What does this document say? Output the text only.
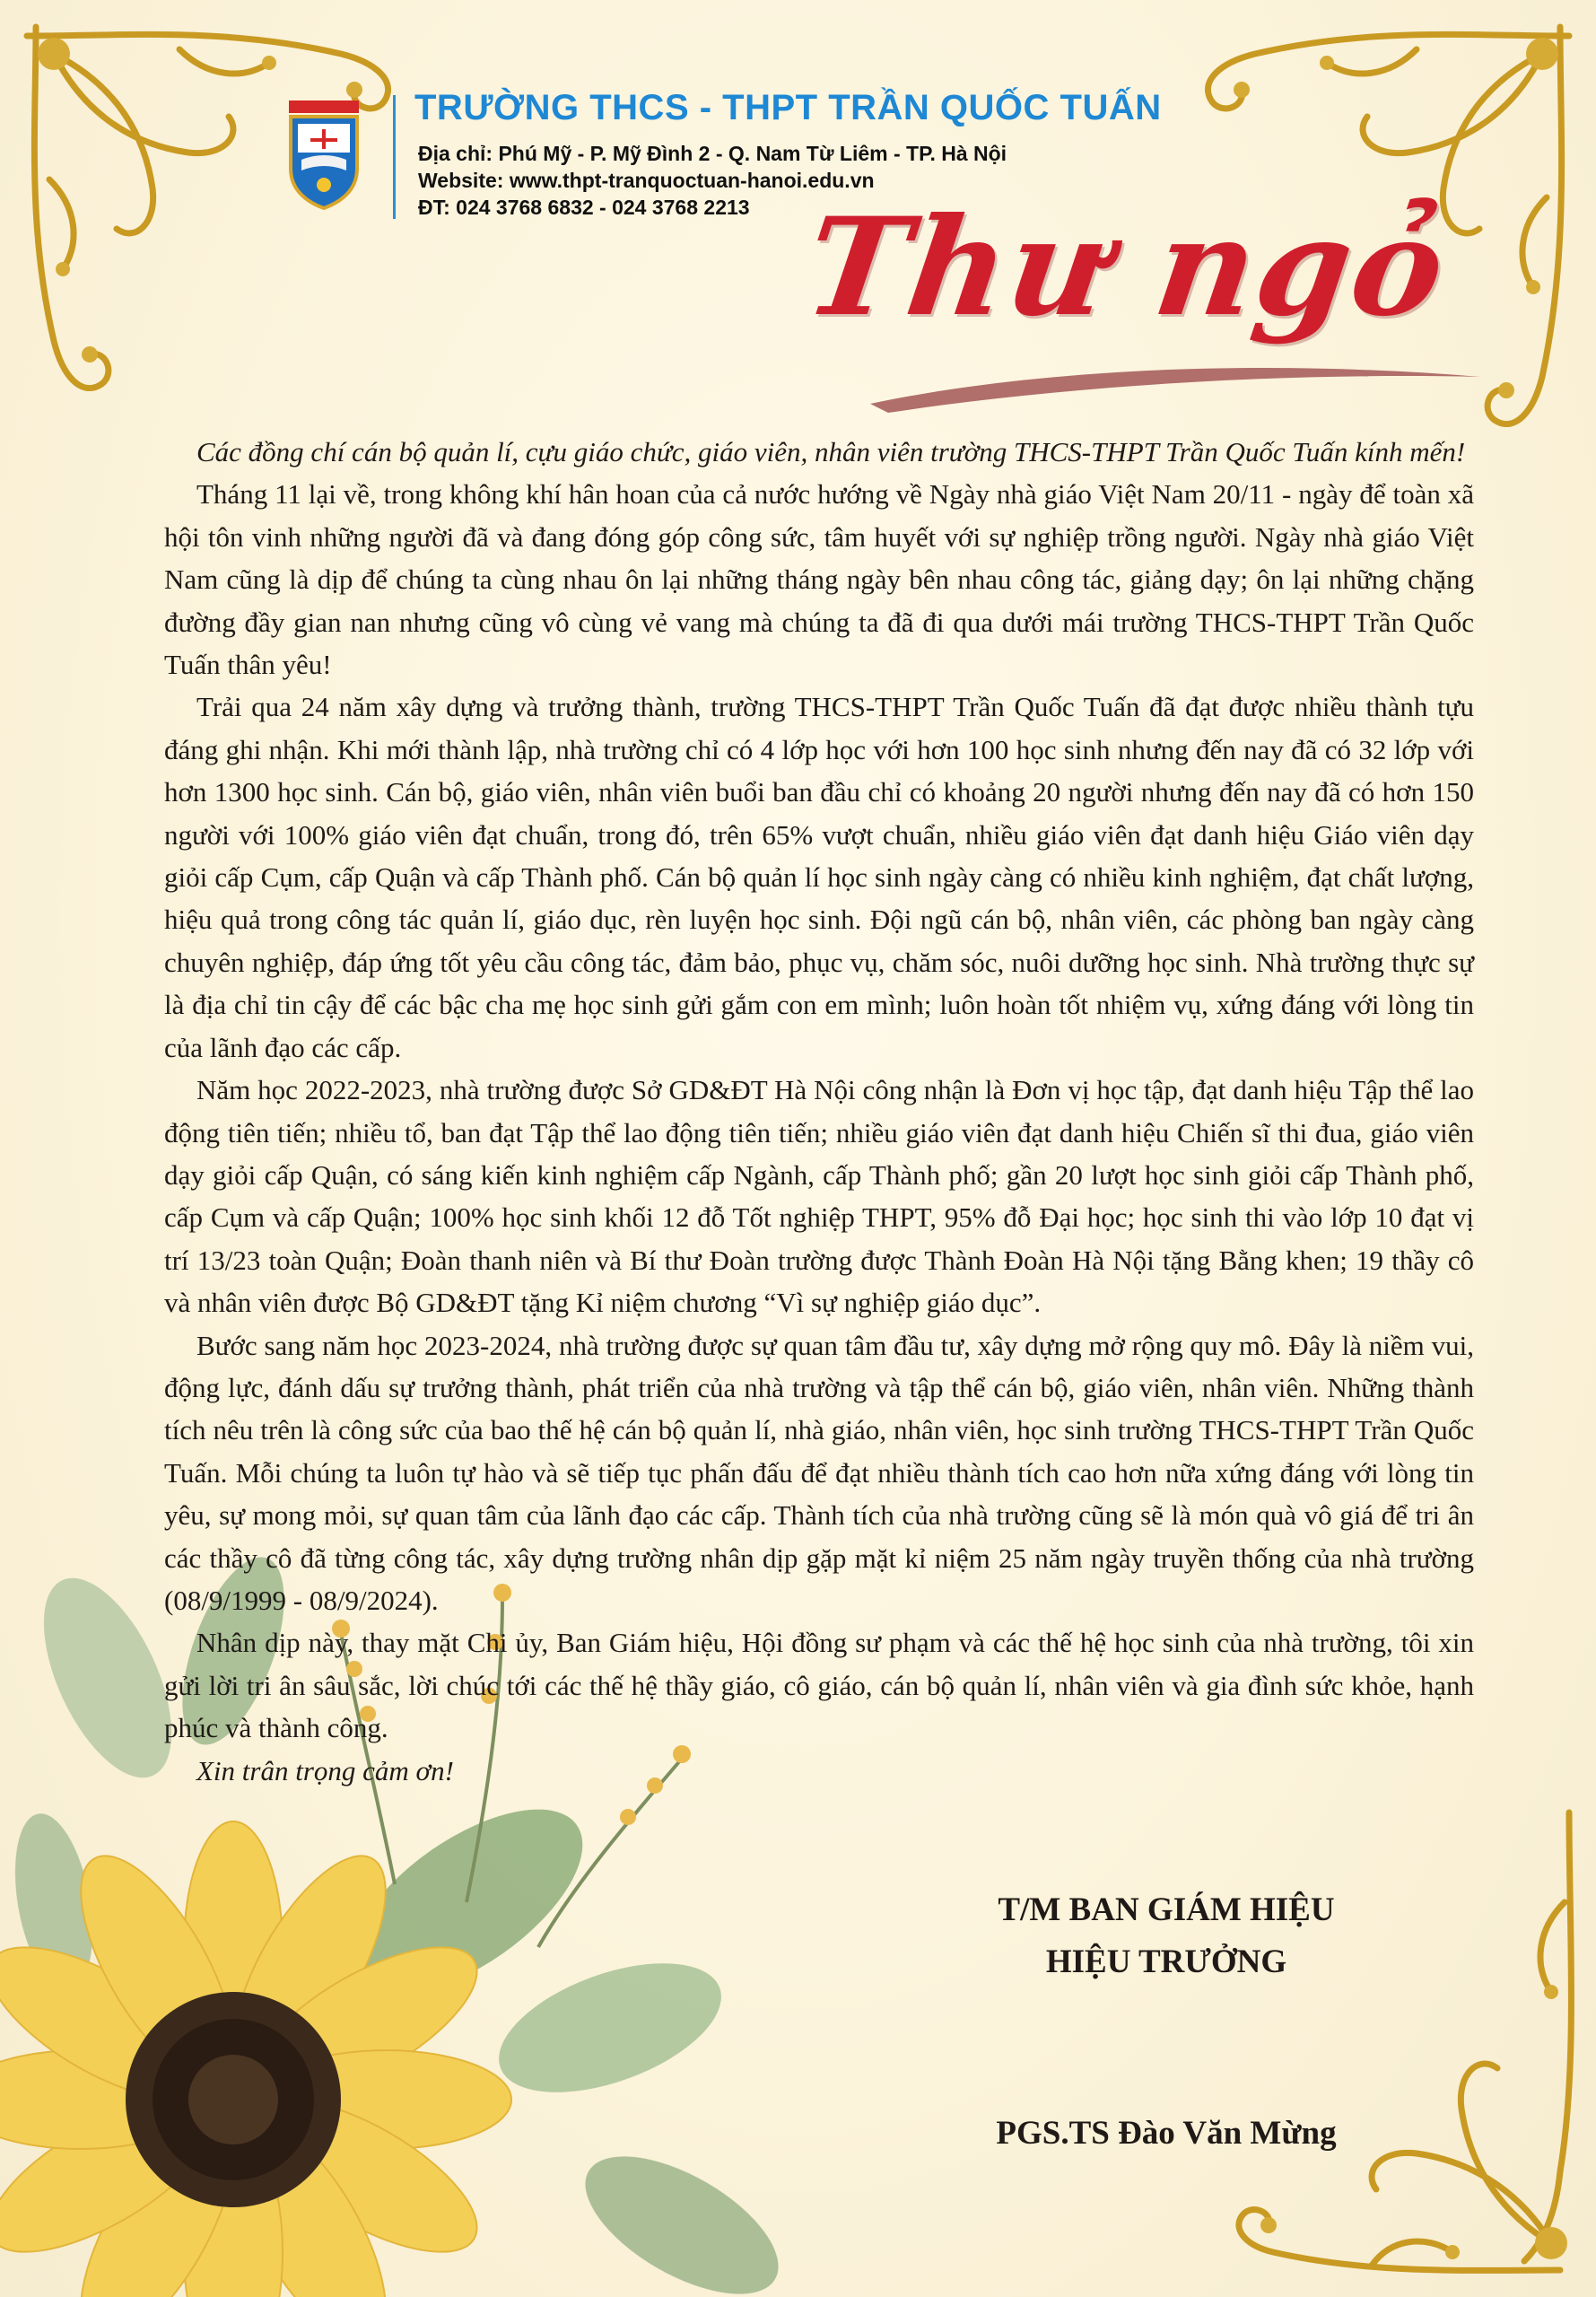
TRƯỜNG THCS - THPT TRẦN QUỐC TUẤN

Địa chỉ: Phú Mỹ - P. Mỹ Đình 2 - Q. Nam Từ Liêm - TP. Hà Nội

Website: www.thpt-tranquoctuan-hanoi.edu.vn

ĐT: 024 3768 6832 - 024 3768 2213 Thư ngỏ

Các đồng chí cán bộ quản lí, cựu giáo chức, giáo viên, nhân viên trường THCS-THPT Trần Quốc Tuấn kính mến!

Tháng 11 lại về, trong không khí hân hoan của cả nước hướng về Ngày nhà giáo Việt Nam 20/11 - ngày để toàn xã hội tôn vinh những người đã và đang đóng góp công sức, tâm huyết với sự nghiệp trồng người. Ngày nhà giáo Việt Nam cũng là dịp để chúng ta cùng nhau ôn lại những tháng ngày bên nhau công tác, giảng dạy; ôn lại những chặng đường đầy gian nan nhưng cũng vô cùng vẻ vang mà chúng ta đã đi qua dưới mái trường THCS-THPT Trần Quốc Tuấn thân yêu!

Trải qua 24 năm xây dựng và trưởng thành, trường THCS-THPT Trần Quốc Tuấn đã đạt được nhiều thành tựu đáng ghi nhận. Khi mới thành lập, nhà trường chỉ có 4 lớp học với hơn 100 học sinh nhưng đến nay đã có 32 lớp với hơn 1300 học sinh. Cán bộ, giáo viên, nhân viên buổi ban đầu chỉ có khoảng 20 người nhưng đến nay đã có hơn 150 người với 100% giáo viên đạt chuẩn, trong đó, trên 65% vượt chuẩn, nhiều giáo viên đạt danh hiệu Giáo viên dạy giỏi cấp Cụm, cấp Quận và cấp Thành phố. Cán bộ quản lí học sinh ngày càng có nhiều kinh nghiệm, đạt chất lượng, hiệu quả trong công tác quản lí, giáo dục, rèn luyện học sinh. Đội ngũ cán bộ, nhân viên, các phòng ban ngày càng chuyên nghiệp, đáp ứng tốt yêu cầu công tác, đảm bảo, phục vụ, chăm sóc, nuôi dưỡng học sinh. Nhà trường thực sự là địa chỉ tin cậy để các bậc cha mẹ học sinh gửi gắm con em mình; luôn hoàn tốt nhiệm vụ, xứng đáng với lòng tin của lãnh đạo các cấp.

Năm học 2022-2023, nhà trường được Sở GD&ĐT Hà Nội công nhận là Đơn vị học tập, đạt danh hiệu Tập thể lao động tiên tiến; nhiều tổ, ban đạt Tập thể lao động tiên tiến; nhiều giáo viên đạt danh hiệu Chiến sĩ thi đua, giáo viên dạy giỏi cấp Quận, có sáng kiến kinh nghiệm cấp Ngành, cấp Thành phố; gần 20 lượt học sinh giỏi cấp Thành phố, cấp Cụm và cấp Quận; 100% học sinh khối 12 đỗ Tốt nghiệp THPT, 95% đỗ Đại học; học sinh thi vào lớp 10 đạt vị trí 13/23 toàn Quận; Đoàn thanh niên và Bí thư Đoàn trường được Thành Đoàn Hà Nội tặng Bằng khen; 19 thầy cô và nhân viên được Bộ GD&ĐT tặng Kỉ niệm chương “Vì sự nghiệp giáo dục”.

Bước sang năm học 2023-2024, nhà trường được sự quan tâm đầu tư, xây dựng mở rộng quy mô. Đây là niềm vui, động lực, đánh dấu sự trưởng thành, phát triển của nhà trường và tập thể cán bộ, giáo viên, nhân viên. Những thành tích nêu trên là công sức của bao thế hệ cán bộ quản lí, nhà giáo, nhân viên, học sinh trường THCS-THPT Trần Quốc Tuấn. Mỗi chúng ta luôn tự hào và sẽ tiếp tục phấn đấu để đạt nhiều thành tích cao hơn nữa xứng đáng với lòng tin yêu, sự mong mỏi, sự quan tâm của lãnh đạo các cấp. Thành tích của nhà trường cũng sẽ là món quà vô giá để tri ân các thầy cô đã từng công tác, xây dựng trường nhân dịp gặp mặt kỉ niệm 25 năm ngày truyền thống của nhà trường (08/9/1999 - 08/9/2024).

Nhân dịp này, thay mặt Chi ủy, Ban Giám hiệu, Hội đồng sư phạm và các thế hệ học sinh của nhà trường, tôi xin gửi lời tri ân sâu sắc, lời chúc tới các thế hệ thầy giáo, cô giáo, cán bộ quản lí, nhân viên và gia đình sức khỏe, hạnh phúc và thành công.

Xin trân trọng cảm ơn!

T/M BAN GIÁM HIỆU

HIỆU TRƯỞNG

PGS.TS Đào Văn Mừng
